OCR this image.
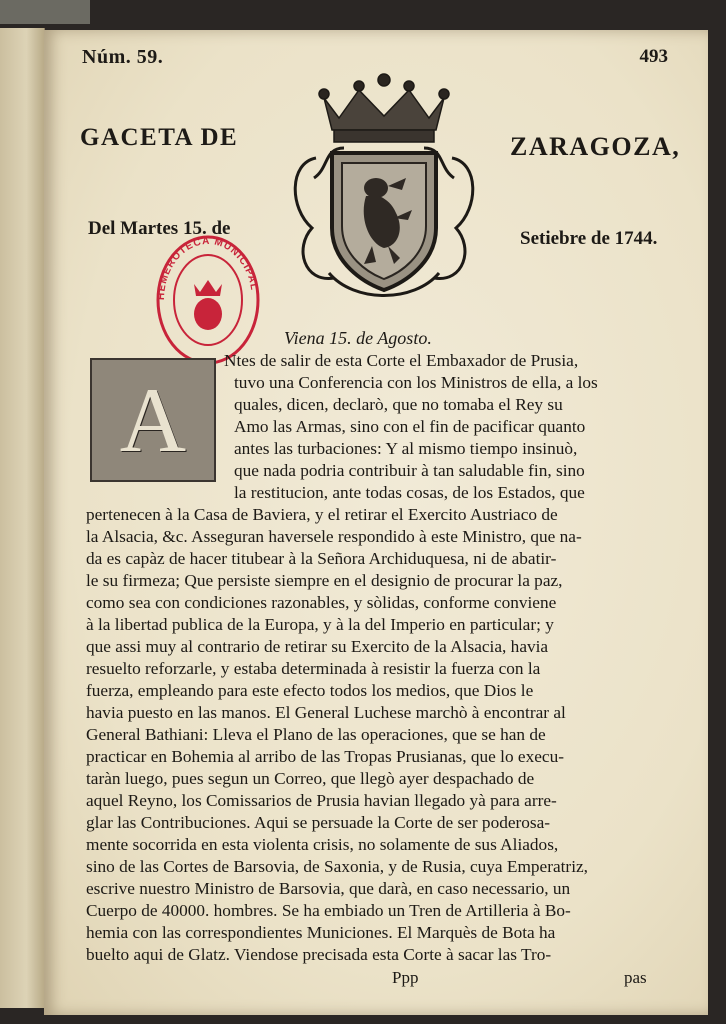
Núm. 59.	493
GACETA DE	ZARAGOZA,
Del Martes 15. de	Setiebre de 1744.
HEMEROTECA MUNICIPAL
Viena 15. de Agosto.
A
Ntes de salir de esta Corte el Embaxador de Prusia,
tuvo una Conferencia con los Ministros de ella, a los
quales, dicen, declarò, que no tomaba el Rey su
Amo las Armas, sino con el fin de pacificar quanto
antes las turbaciones: Y al mismo tiempo insinuò,
que nada podria contribuir à tan saludable fin, sino
la restitucion, ante todas cosas, de los Estados, que
pertenecen à la Casa de Baviera, y el retirar el Exercito Austriaco de
la Alsacia, &c. Asseguran haversele respondido à este Ministro, que na-
da es capàz de hacer titubear à la Señora Archiduquesa, ni de abatir-
le su firmeza; Que persiste siempre en el designio de procurar la paz,
como sea con condiciones razonables, y sòlidas, conforme conviene
à la libertad publica de la Europa, y à la del Imperio en particular; y
que assi muy al contrario de retirar su Exercito de la Alsacia, havia
resuelto reforzarle, y estaba determinada à resistir la fuerza con la
fuerza, empleando para este efecto todos los medios, que Dios le
havia puesto en las manos. El General Luchese marchò à encontrar al
General Bathiani: Lleva el Plano de las operaciones, que se han de
practicar en Bohemia al arribo de las Tropas Prusianas, que lo execu-
taràn luego, pues segun un Correo, que llegò ayer despachado de
aquel Reyno, los Comissarios de Prusia havian llegado yà para arre-
glar las Contribuciones. Aqui se persuade la Corte de ser poderosa-
mente socorrida en esta violenta crisis, no solamente de sus Aliados,
sino de las Cortes de Barsovia, de Saxonia, y de Rusia, cuya Emperatriz,
escrive nuestro Ministro de Barsovia, que darà, en caso necessario, un
Cuerpo de 40000. hombres. Se ha embiado un Tren de Artilleria à Bo-
hemia con las correspondientes Municiones. El Marquès de Bota ha
buelto aqui de Glatz. Viendose precisada esta Corte à sacar las Tro-
Ppp	pas
